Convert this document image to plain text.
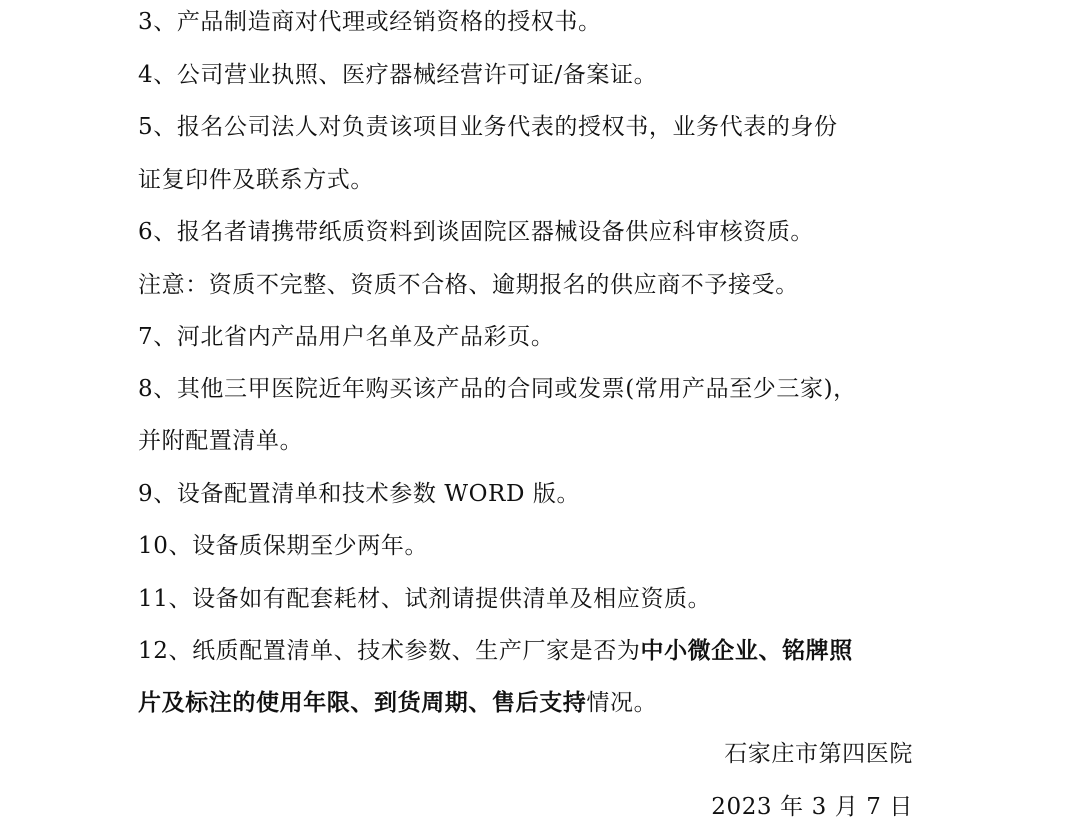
3、产品制造商对代理或经销资格的授权书。
4、公司营业执照、医疗器械经营许可证/备案证。
5、报名公司法人对负责该项目业务代表的授权书，业务代表的身份
证复印件及联系方式。
6、报名者请携带纸质资料到谈固院区器械设备供应科审核资质。
注意：资质不完整、资质不合格、逾期报名的供应商不予接受。
7、河北省内产品用户名单及产品彩页。
8、其他三甲医院近年购买该产品的合同或发票(常用产品至少三家)，
并附配置清单。
9、设备配置清单和技术参数 WORD 版。
10、设备质保期至少两年。
11、设备如有配套耗材、试剂请提供清单及相应资质。
12、纸质配置清单、技术参数、生产厂家是否为中小微企业、铭牌照
片及标注的使用年限、到货周期、售后支持情况。
石家庄市第四医院
2023 年 3 月 7 日
